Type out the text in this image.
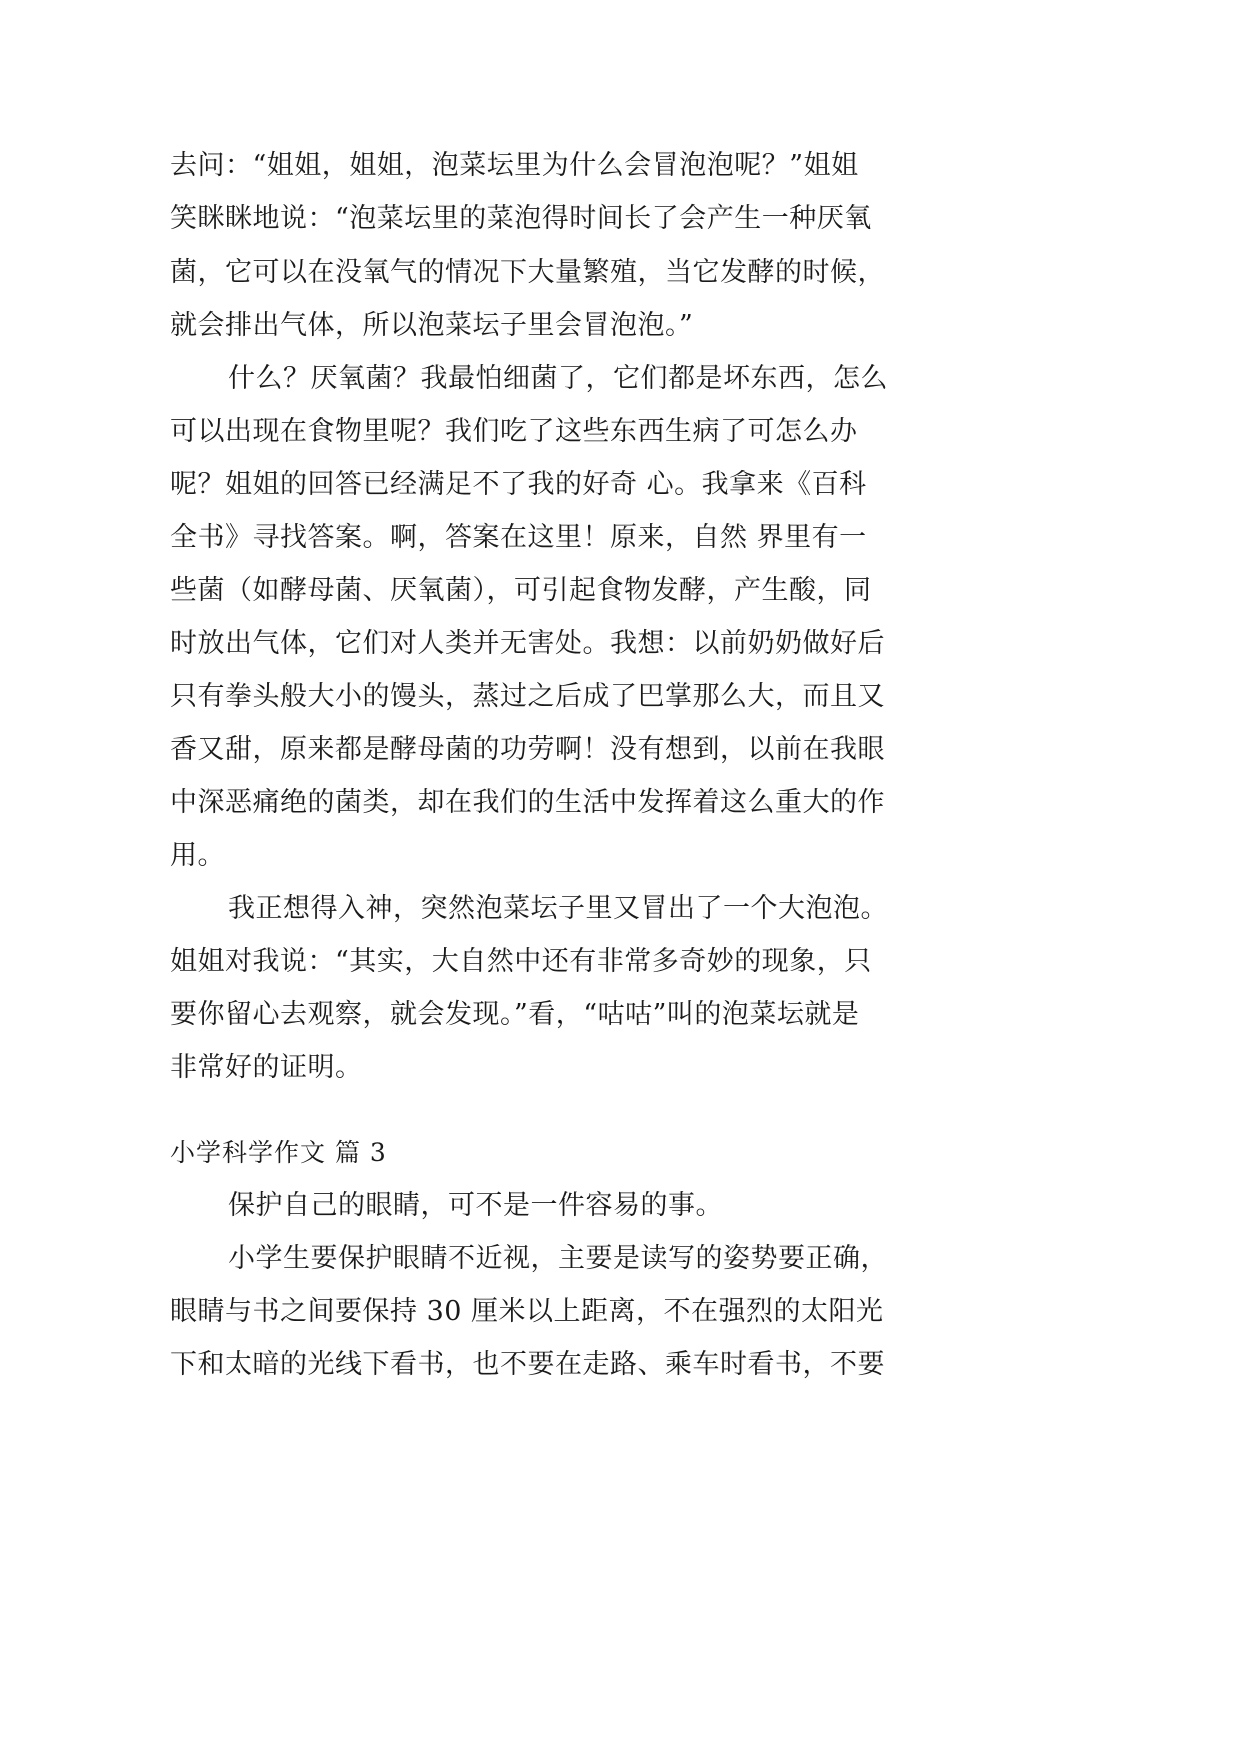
去问：“姐姐，姐姐，泡菜坛里为什么会冒泡泡呢？”姐姐

笑眯眯地说：“泡菜坛里的菜泡得时间长了会产生一种厌氧

菌，它可以在没氧气的情况下大量繁殖，当它发酵的时候，

就会排出气体，所以泡菜坛子里会冒泡泡。”

什么？厌氧菌？我最怕细菌了，它们都是坏东西，怎么

可以出现在食物里呢？我们吃了这些东西生病了可怎么办

呢？姐姐的回答已经满足不了我的好奇 心。我拿来《百科

全书》寻找答案。啊，答案在这里！原来，自然 界里有一

些菌（如酵母菌、厌氧菌），可引起食物发酵，产生酸，同

时放出气体，它们对人类并无害处。我想：以前奶奶做好后

只有拳头般大小的馒头，蒸过之后成了巴掌那么大，而且又

香又甜，原来都是酵母菌的功劳啊！没有想到，以前在我眼

中深恶痛绝的菌类，却在我们的生活中发挥着这么重大的作

用。

我正想得入神，突然泡菜坛子里又冒出了一个大泡泡。

姐姐对我说：“其实，大自然中还有非常多奇妙的现象，只

要你留心去观察，就会发现。”看，“咕咕”叫的泡菜坛就是

非常好的证明。

小学科学作文 篇 3

保护自己的眼睛，可不是一件容易的事。

小学生要保护眼睛不近视，主要是读写的姿势要正确，

眼睛与书之间要保持 30 厘米以上距离，不在强烈的太阳光

下和太暗的光线下看书，也不要在走路、乘车时看书，不要
